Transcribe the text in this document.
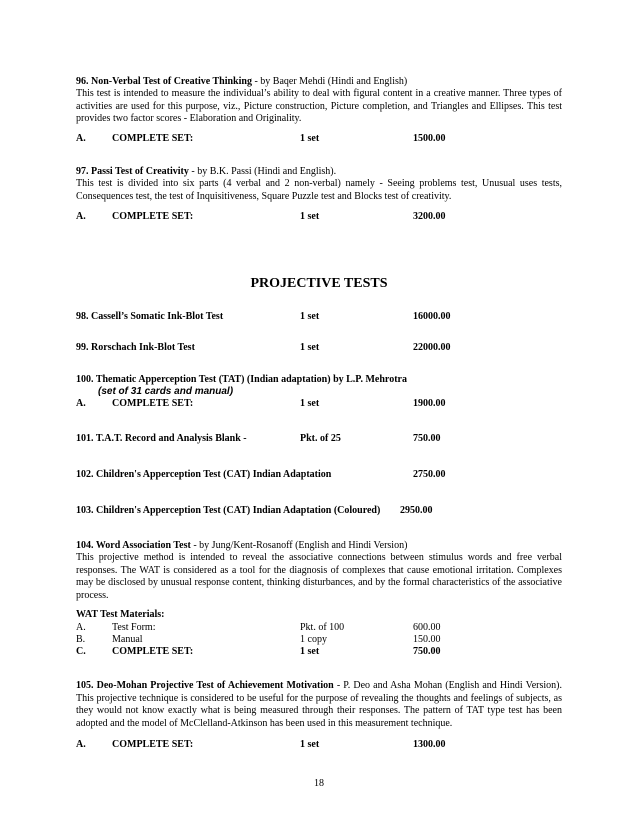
96. Non-Verbal Test of Creative Thinking - by Baqer Mehdi (Hindi and English)
This test is intended to measure the individual’s ability to deal with figural content in a creative manner. Three types of activities are used for this purpose, viz., Picture construction, Picture completion, and Triangles and Ellipses. This test provides two factor scores - Elaboration and Originality.
A.	COMPLETE SET:	1 set	1500.00
97. Passi Test of Creativity - by B.K. Passi (Hindi and English).
This test is divided into six parts (4 verbal and 2 non-verbal) namely - Seeing problems test, Unusual uses tests, Consequences test, the test of Inquisitiveness, Square Puzzle test and Blocks test of creativity.
A.	COMPLETE SET:	1 set	3200.00
PROJECTIVE TESTS
98. Cassell’s Somatic Ink-Blot Test	1 set	16000.00
99. Rorschach Ink-Blot Test	1 set	22000.00
100. Thematic Apperception Test (TAT) (Indian adaptation) by L.P. Mehrotra
(set of 31 cards and manual)
A.	COMPLETE SET:	1 set	1900.00
101. T.A.T. Record and Analysis Blank -	Pkt. of 25	750.00
102. Children's Apperception Test (CAT) Indian Adaptation	2750.00
103. Children's Apperception Test (CAT) Indian Adaptation (Coloured) 2950.00
104. Word Association Test - by Jung/Kent-Rosanoff (English and Hindi Version)
This projective method is intended to reveal the associative connections between stimulus words and free verbal responses. The WAT is considered as a tool for the diagnosis of complexes that cause emotional irritation. Complexes may be disclosed by unusual response content, thinking disturbances, and by the formal characteristics of the associative process.
WAT Test Materials:
A.	Test Form:	Pkt. of 100	600.00
B.	Manual	1 copy	150.00
C.	COMPLETE SET:	1 set	750.00
105. Deo-Mohan Projective Test of Achievement Motivation - P. Deo and Asha Mohan (English and Hindi Version). This projective technique is considered to be useful for the purpose of revealing the thoughts and feelings of subjects, as they would not know exactly what is being measured through their responses. The pattern of TAT type test has been adopted and the model of McClelland-Atkinson has been used in this measurement technique.
A.	COMPLETE SET:	1 set	1300.00
18
